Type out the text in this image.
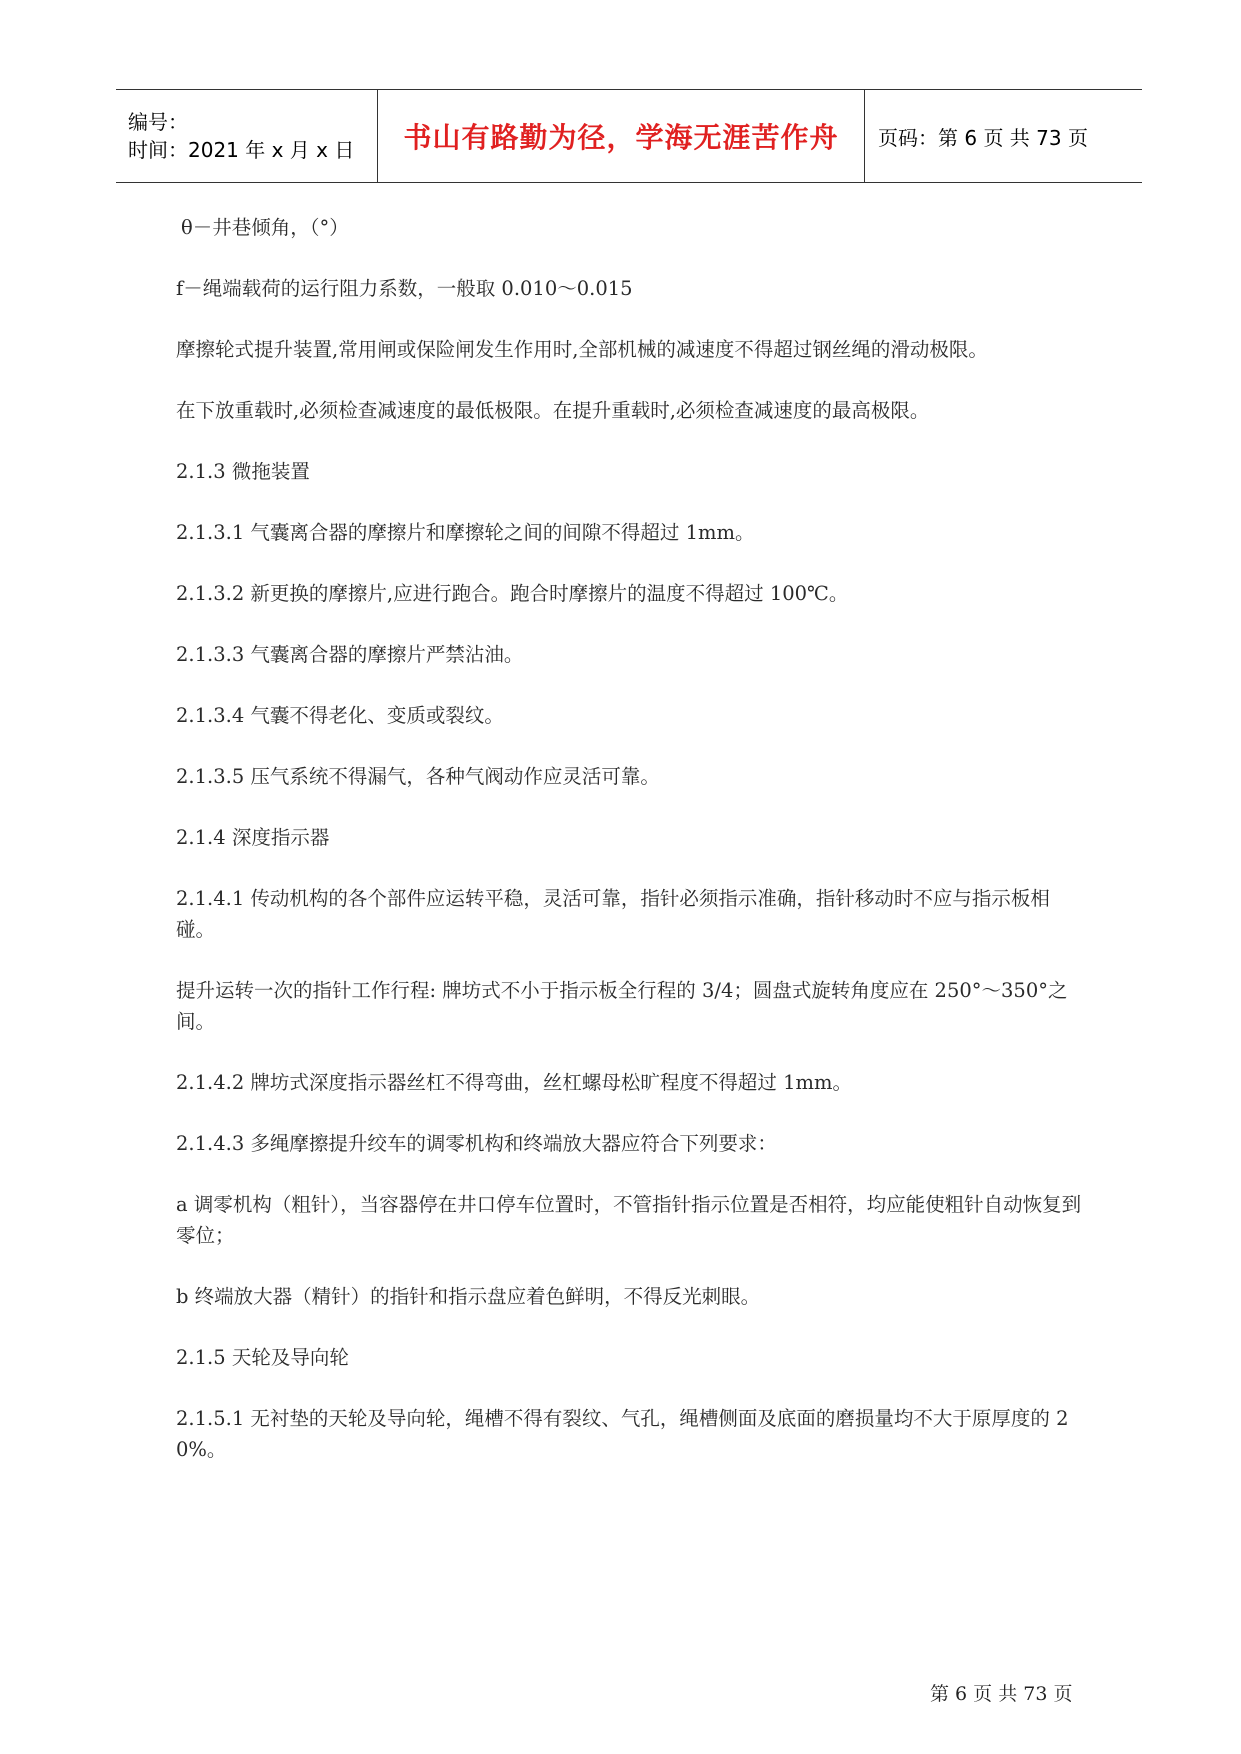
编号：
时间：2021 年 x 月 x 日	书山有路勤为径，学海无涯苦作舟 页码：第 6 页 共 73 页

θ－井巷倾角，（°）

f－绳端载荷的运行阻力系数，一般取 0.010～0.015

摩擦轮式提升装置,常用闸或保险闸发生作用时,全部机械的减速度不得超过钢丝绳的滑动极限。

在下放重载时,必须检查减速度的最低极限。在提升重载时,必须检查减速度的最高极限。

2.1.3 微拖装置

2.1.3.1 气囊离合器的摩擦片和摩擦轮之间的间隙不得超过 1mm。

2.1.3.2 新更换的摩擦片,应进行跑合。跑合时摩擦片的温度不得超过 100℃。

2.1.3.3 气囊离合器的摩擦片严禁沾油。

2.1.3.4 气囊不得老化、变质或裂纹。

2.1.3.5 压气系统不得漏气，各种气阀动作应灵活可靠。

2.1.4 深度指示器

2.1.4.1 传动机构的各个部件应运转平稳，灵活可靠，指针必须指示准确，指针移动时不应与指示板相碰。

提升运转一次的指针工作行程: 牌坊式不小于指示板全行程的 3/4；圆盘式旋转角度应在 250°～350°之间。

2.1.4.2 牌坊式深度指示器丝杠不得弯曲，丝杠螺母松旷程度不得超过 1mm。

2.1.4.3 多绳摩擦提升绞车的调零机构和终端放大器应符合下列要求：

a 调零机构（粗针），当容器停在井口停车位置时，不管指针指示位置是否相符，均应能使粗针自动恢复到零位；

b 终端放大器（精针）的指针和指示盘应着色鲜明，不得反光刺眼。

2.1.5 天轮及导向轮

2.1.5.1 无衬垫的天轮及导向轮，绳槽不得有裂纹、气孔，绳槽侧面及底面的磨损量均不大于原厚度的 20%。

第 6 页 共 73 页
